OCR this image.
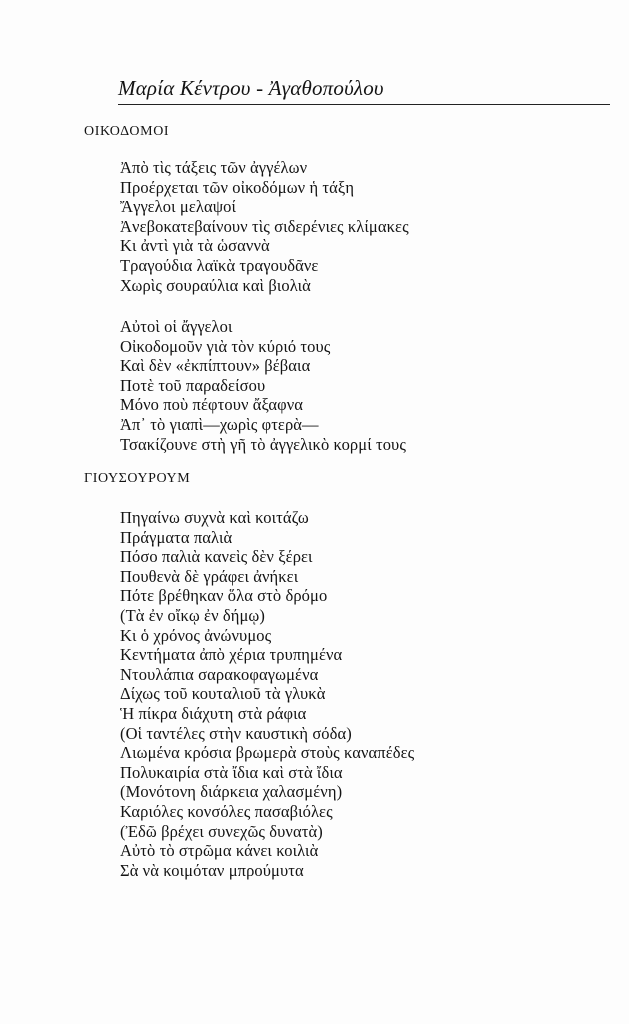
Μαρία Κέντρου - Ἀγαθοπούλου
ΟΙΚΟΔΟΜΟΙ
Ἀπὸ τὶς τάξεις τῶν ἀγγέλων
Προέρχεται τῶν οἰκοδόμων ἡ τάξη
Ἄγγελοι μελαψοί
Ἀνεβοκατεβαίνουν τὶς σιδερένιες κλίμακες
Κι ἀντὶ γιὰ τὰ ὡσαννὰ
Τραγούδια λαϊκὰ τραγουδᾶνε
Χωρὶς σουραύλια καὶ βιολιὰ
Αὐτοὶ οἱ ἄγγελοι
Οἰκοδομοῦν γιὰ τὸν κύριό τους
Καὶ δὲν «ἐκπίπτουν» βέβαια
Ποτὲ τοῦ παραδείσου
Μόνο ποὺ πέφτουν ἄξαφνα
Ἀπ᾿ τὸ γιαπὶ—χωρὶς φτερὰ—
Τσακίζουνε στὴ γῆ τὸ ἀγγελικὸ κορμί τους
ΓΙΟΥΣΟΥΡΟΥΜ
Πηγαίνω συχνὰ καὶ κοιτάζω
Πράγματα παλιὰ
Πόσο παλιὰ κανεὶς δὲν ξέρει
Πουθενὰ δὲ γράφει ἀνήκει
Πότε βρέθηκαν ὅλα στὸ δρόμο
(Τὰ ἐν οἴκῳ ἐν δήμῳ)
Κι ὁ χρόνος ἀνώνυμος
Κεντήματα ἀπὸ χέρια τρυπημένα
Ντουλάπια σαρακοφαγωμένα
Δίχως τοῦ κουταλιοῦ τὰ γλυκὰ
Ἡ πίκρα διάχυτη στὰ ράφια
(Οἱ ταντέλες στὴν καυστικὴ σόδα)
Λιωμένα κρόσια βρωμερὰ στοὺς καναπέδες
Πολυκαιρία στὰ ἴδια καὶ στὰ ἴδια
(Μονότονη διάρκεια χαλασμένη)
Καριόλες κονσόλες πασαβιόλες
(Ἐδῶ βρέχει συνεχῶς δυνατὰ)
Αὐτὸ τὸ στρῶμα κάνει κοιλιὰ
Σὰ νὰ κοιμόταν μπρούμυτα
